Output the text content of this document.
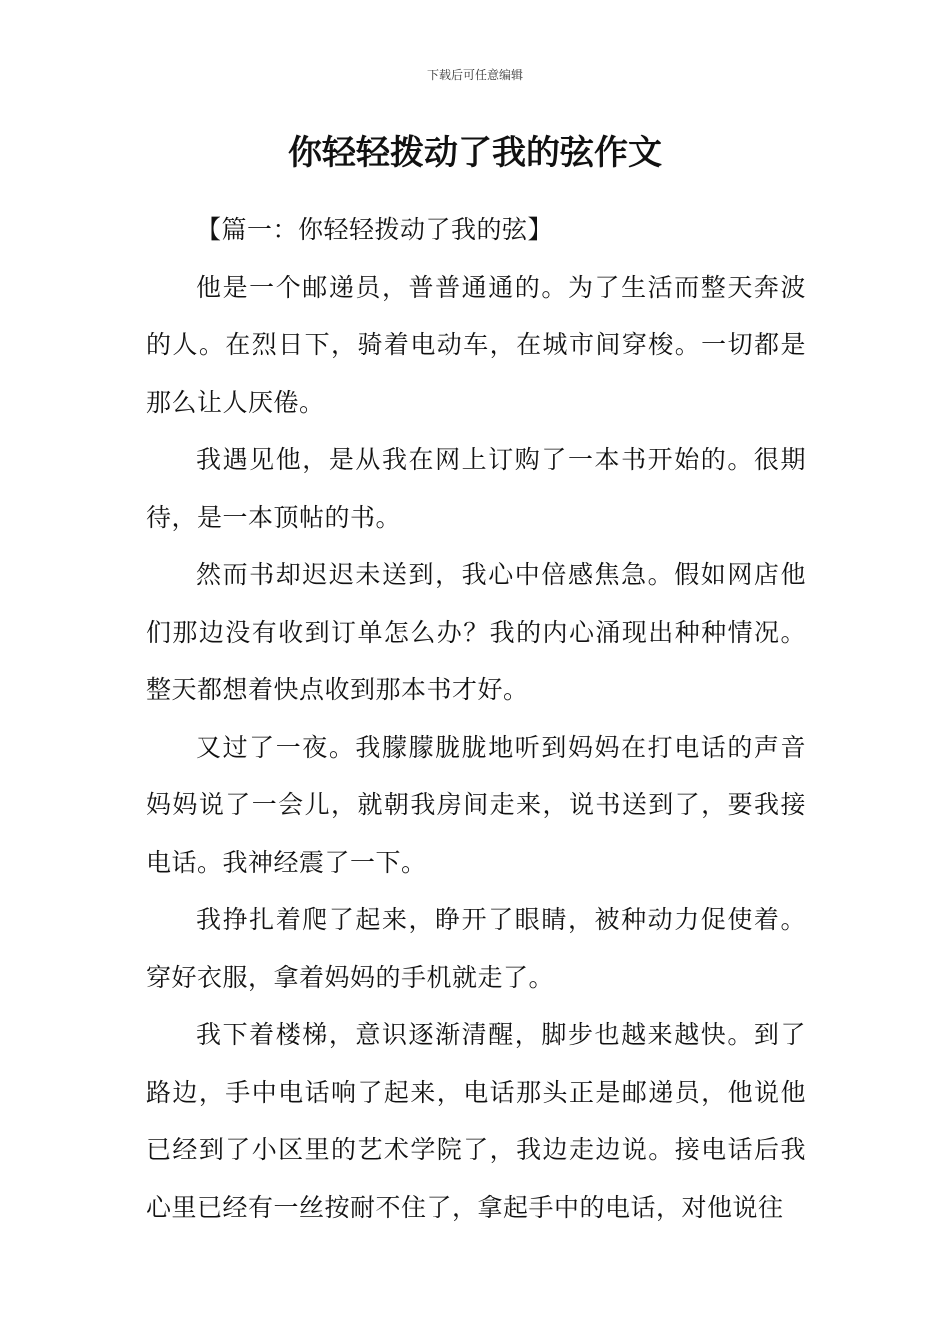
下载后可任意编辑
你轻轻拨动了我的弦作文

【篇一：你轻轻拨动了我的弦】

他是一个邮递员，普普通通的。为了生活而整天奔波的人。在烈日下，骑着电动车，在城市间穿梭。一切都是那么让人厌倦。

我遇见他，是从我在网上订购了一本书开始的。很期待，是一本顶帖的书。

然而书却迟迟未送到，我心中倍感焦急。假如网店他们那边没有收到订单怎么办？我的内心涌现出种种情况。整天都想着快点收到那本书才好。

又过了一夜。我朦朦胧胧地听到妈妈在打电话的声音妈妈说了一会儿，就朝我房间走来，说书送到了，要我接电话。我神经震了一下。

我挣扎着爬了起来，睁开了眼睛，被种动力促使着。穿好衣服，拿着妈妈的手机就走了。

我下着楼梯，意识逐渐清醒，脚步也越来越快。到了路边，手中电话响了起来，电话那头正是邮递员，他说他已经到了小区里的艺术学院了，我边走边说。接电话后我心里已经有一丝按耐不住了，拿起手中的电话，对他说往
